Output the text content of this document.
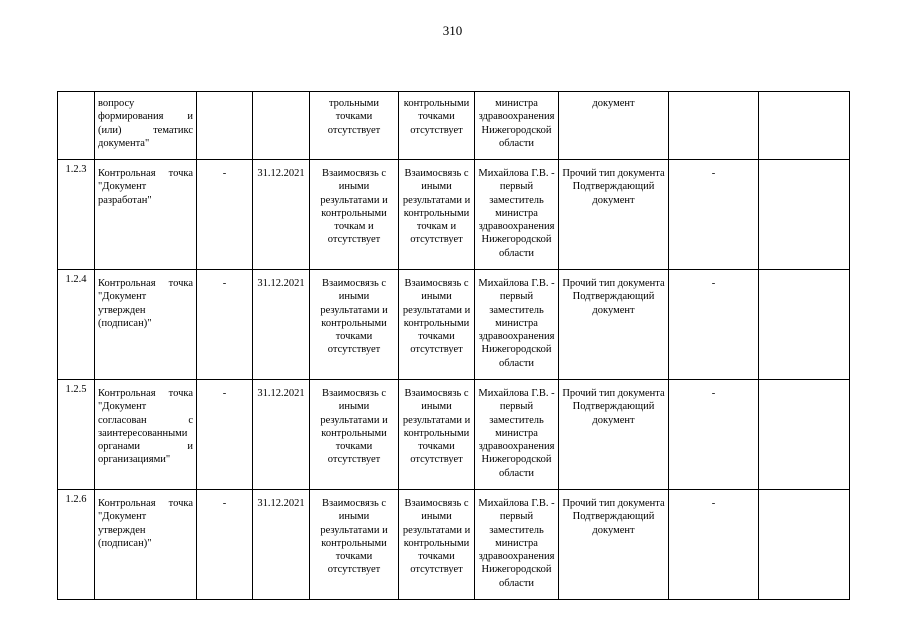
310
	вопросу формирования и (или) тематикс документа"			трольными точками отсутствует	контрольными точками отсутствует	министра здравоохранения Нижегородской области	документ		
1.2.3	Контрольная точка "Документ разработан"	-	31.12.2021	Взаимосвязь с иными результатами и контрольными точкам и отсутствует	Взаимосвязь с иными результатами и контрольными точкам и отсутствует	Михайлова Г.В. - первый заместитель министра здравоохранения Нижегородской области	Прочий тип документа Подтверждающий документ	-	
1.2.4	Контрольная точка "Документ утвержден (подписан)"	-	31.12.2021	Взаимосвязь с иными результатами и контрольными точками отсутствует	Взаимосвязь с иными результатами и контрольными точками отсутствует	Михайлова Г.В. - первый заместитель министра здравоохранения Нижегородской области	Прочий тип документа Подтверждающий документ	-	
1.2.5	Контрольная точка "Документ согласован с заинтересованными органами и организациями"	-	31.12.2021	Взаимосвязь с иными результатами и контрольными точками отсутствует	Взаимосвязь с иными результатами и контрольными точками отсутствует	Михайлова Г.В. - первый заместитель министра здравоохранения Нижегородской области	Прочий тип документа Подтверждающий документ	-	
1.2.6	Контрольная точка "Документ утвержден (подписан)"	-	31.12.2021	Взаимосвязь с иными результатами и контрольными точками отсутствует	Взаимосвязь с иными результатами и контрольными точками отсутствует	Михайлова Г.В. - первый заместитель министра здравоохранения Нижегородской области	Прочий тип документа Подтверждающий документ	-	
